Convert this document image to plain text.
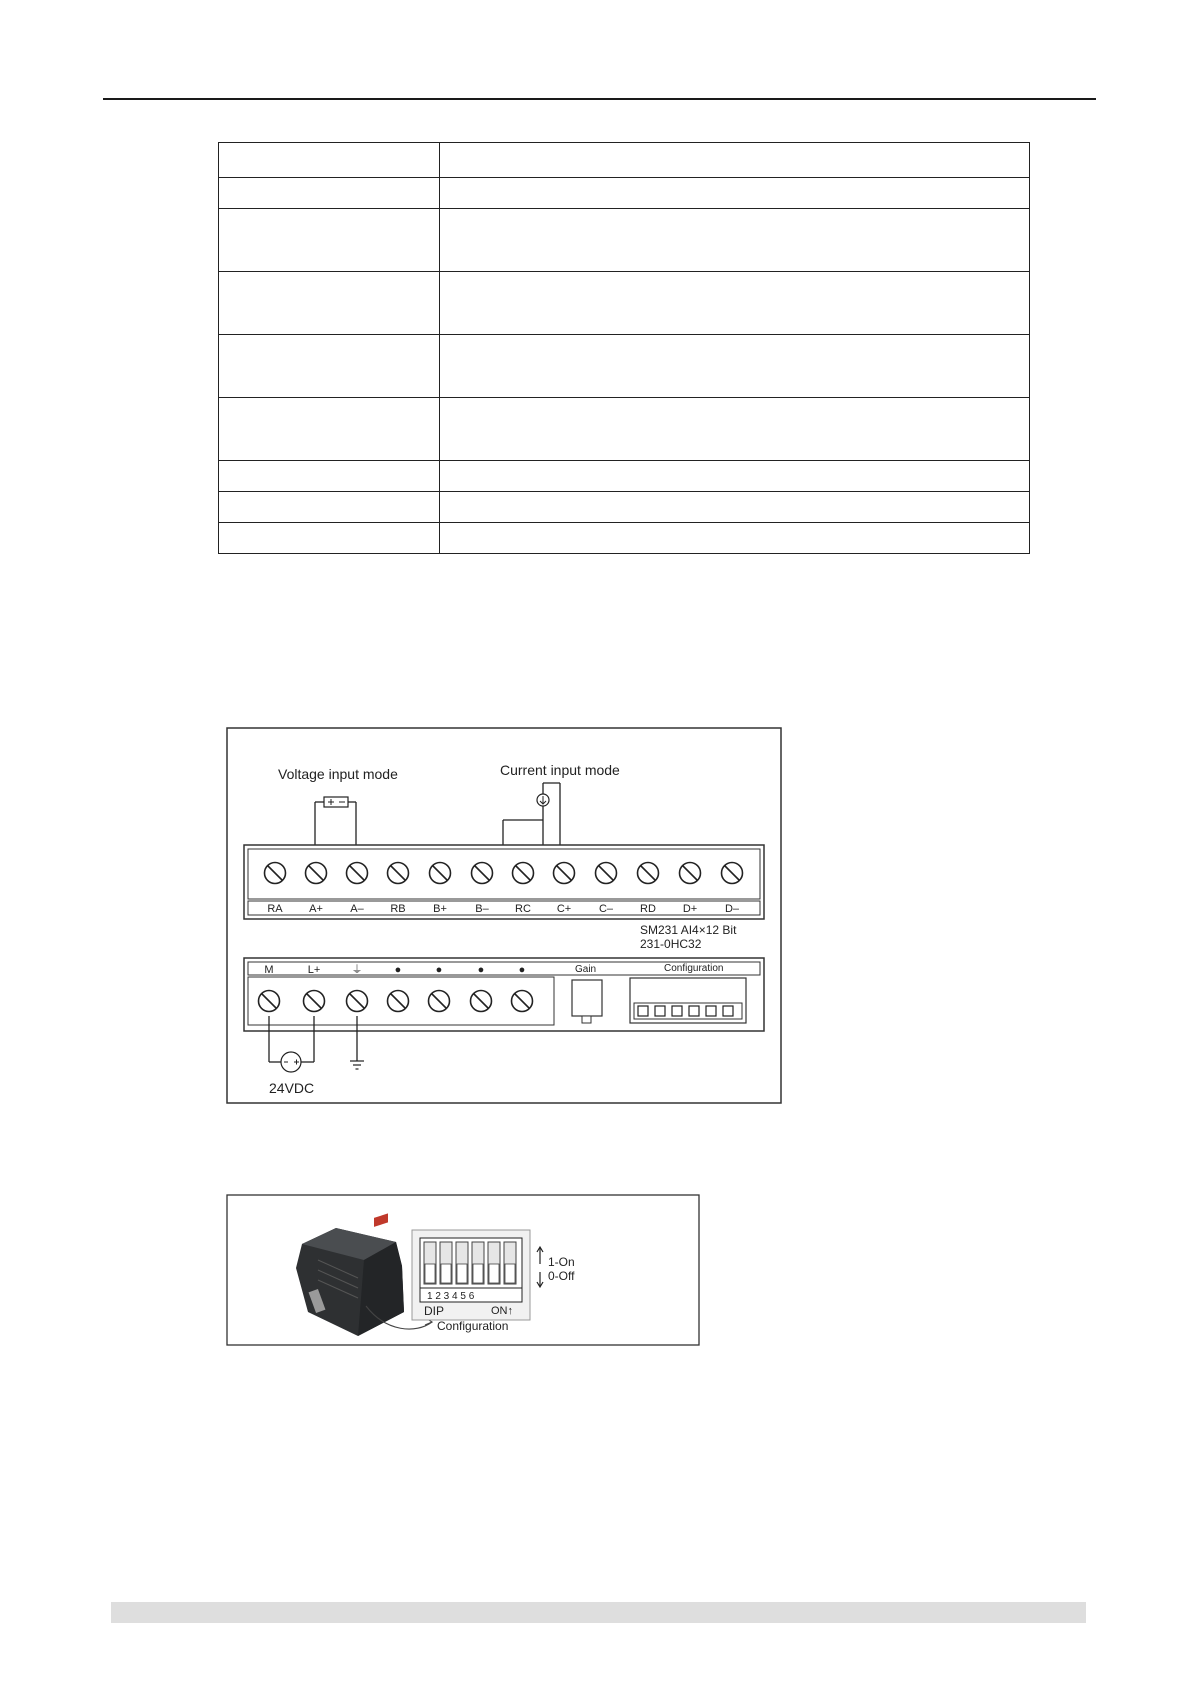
Voltage input mode	Current input mode
RA A+ A– RB B+	B– RC C+	C– RD D+	D–
SM231 AI4×12 Bit
231-0HC32
M	L+	⏚	●	●	●	●	Gain	Configuration
24VDC
1 2 3 4 5 6
DIP	ON↑
1-On
0-Off
Configuration
